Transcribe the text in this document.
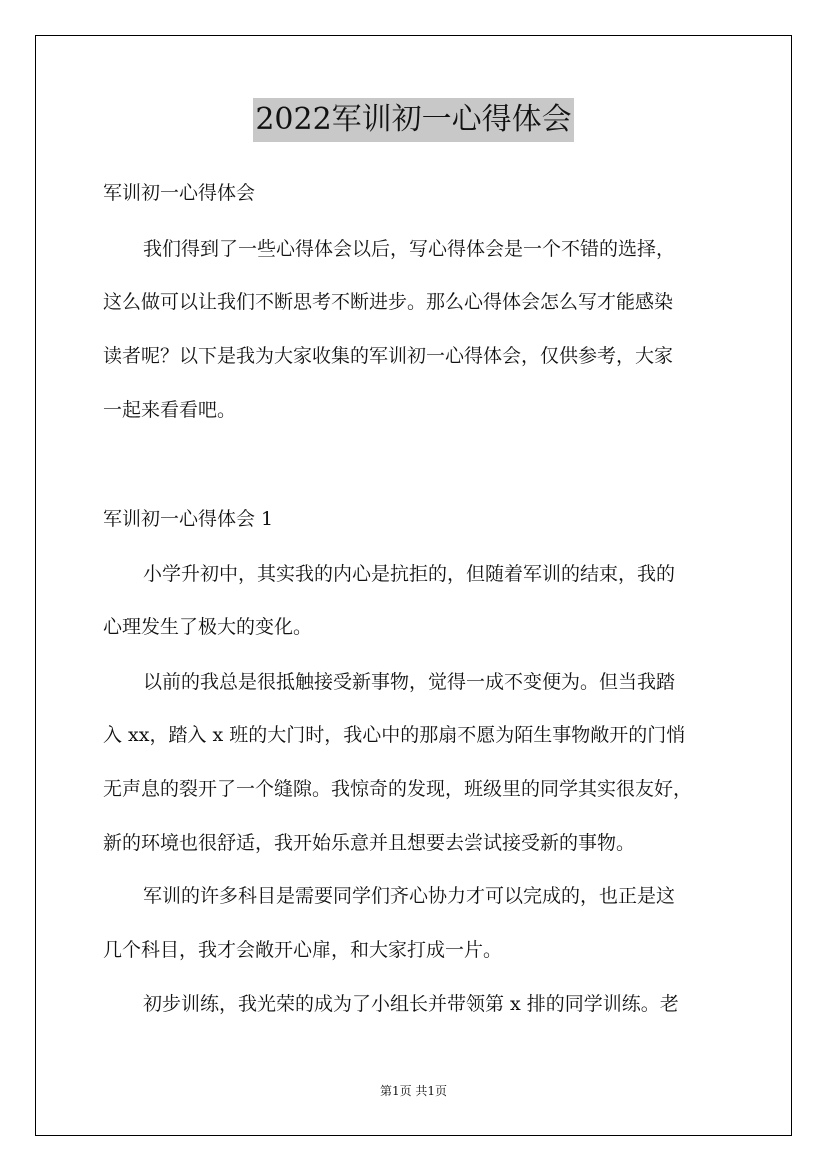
2022军训初一心得体会
军训初一心得体会
我们得到了一些心得体会以后，写心得体会是一个不错的选择，
这么做可以让我们不断思考不断进步。那么心得体会怎么写才能感染
读者呢？以下是我为大家收集的军训初一心得体会，仅供参考，大家
一起来看看吧。
军训初一心得体会 1
小学升初中，其实我的内心是抗拒的，但随着军训的结束，我的
心理发生了极大的变化。
以前的我总是很抵触接受新事物，觉得一成不变便为。但当我踏
入 xx，踏入 x 班的大门时，我心中的那扇不愿为陌生事物敞开的门悄
无声息的裂开了一个缝隙。我惊奇的发现，班级里的同学其实很友好，
新的环境也很舒适，我开始乐意并且想要去尝试接受新的事物。
军训的许多科目是需要同学们齐心协力才可以完成的，也正是这
几个科目，我才会敞开心扉，和大家打成一片。
初步训练，我光荣的成为了小组长并带领第 x 排的同学训练。老
第1页 共1页
